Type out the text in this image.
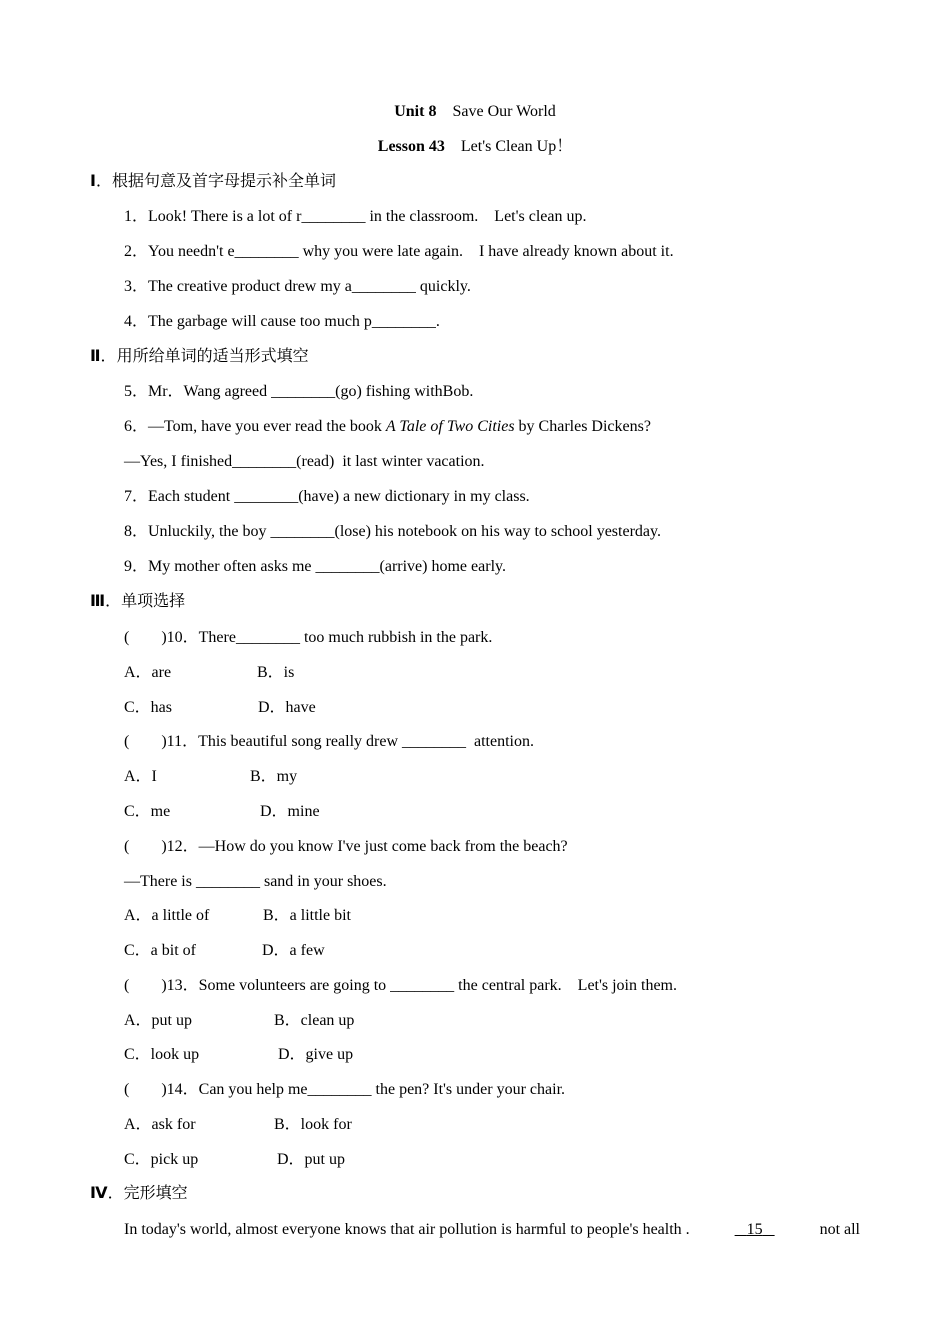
Unit 8　 Save Our World
Lesson 43　 Let's Clean Up！
Ⅰ．根据句意及首字母提示补全单词
1．Look! There is a lot of r________ in the classroom.　Let's clean up.
2．You needn't e________ why you were late again.　I have already known about it.
3．The creative product drew my a________ quickly.
4．The garbage will cause too much p________.
Ⅱ．用所给单词的适当形式填空
5．Mr．Wang agreed ________(go) fishing withBob.
6．—Tom, have you ever read the book A Tale of Two Cities by Charles Dickens?
—Yes, I finished________(read)  it last winter vacation.
7．Each student ________(have) a new dictionary in my class.
8．Unluckily, the boy ________(lose) his notebook on his way to school yesterday.
9．My mother often asks me ________(arrive) home early.
Ⅲ．单项选择
(　　)10．There________ too much rubbish in the park.
A．are	B．is
C．has	D．have
(　　)11．This beautiful song really drew ________  attention.
A．I	B．my
C．me	D．mine
(　　)12．—How do you know I've just come back from the beach?
—There is ________ sand in your shoes.
A．a little of	B．a little bit
C．a bit of	D．a few
(　　)13．Some volunteers are going to ________ the central park.　Let's join them.
A．put up	B．clean up
C．look up	D．give up
(　　)14．Can you help me________ the pen? It's under your chair.
A．ask for	B．look for
C．pick up	D．put up
Ⅳ．完形填空
In today's world, almost everyone knows that air pollution is harmful to people's health .	15	not all
